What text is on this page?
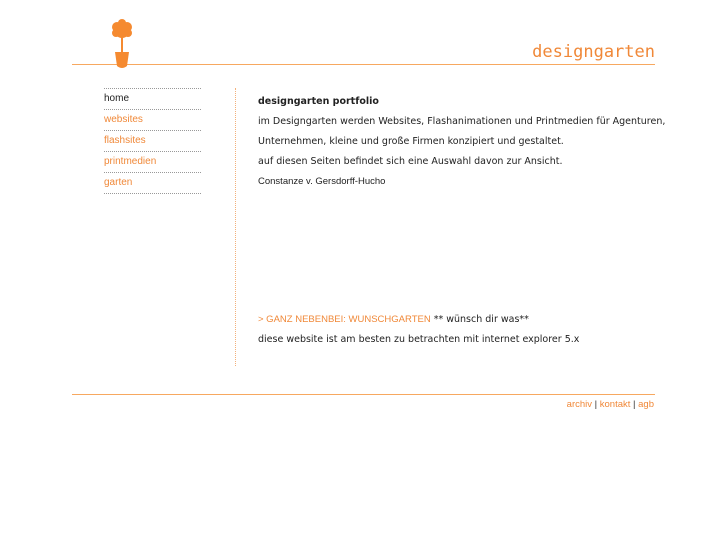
designgarten
home
websites
flashsites
printmedien
garten
designgarten portfolio
im Designgarten werden Websites, Flashanimationen und Printmedien für Agenturen,
Unternehmen, kleine und große Firmen konzipiert und gestaltet.
auf diesen Seiten befindet sich eine Auswahl davon zur Ansicht.
Constanze v. Gersdorff-Hucho
> GANZ NEBENBEI: WUNSCHGARTEN ** wünsch dir was**
diese website ist am besten zu betrachten mit internet explorer 5.x
archiv | kontakt | agb
